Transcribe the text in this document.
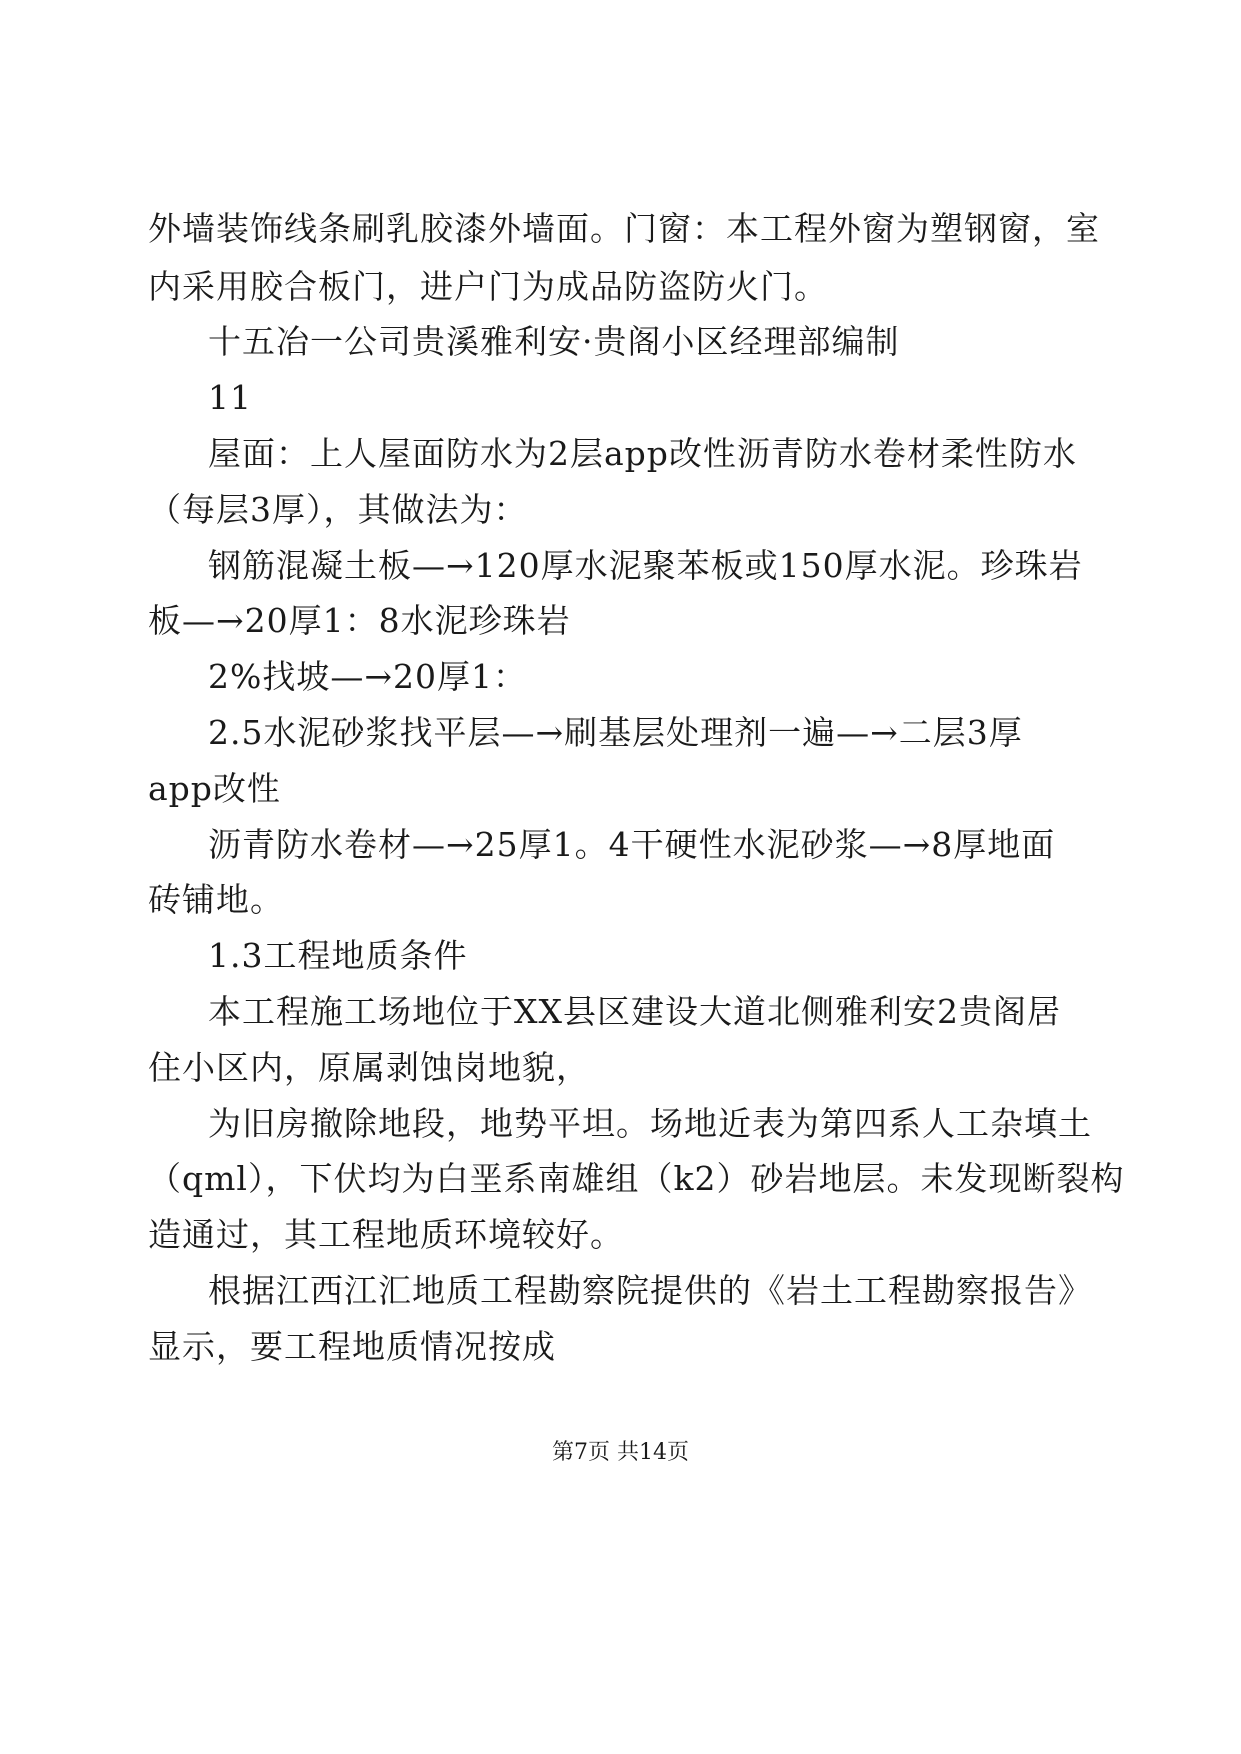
外墙装饰线条刷乳胶漆外墙面。门窗：本工程外窗为塑钢窗，室
内采用胶合板门，进户门为成品防盗防火门。
十五冶一公司贵溪雅利安·贵阁小区经理部编制
11
屋面：上人屋面防水为2层app改性沥青防水卷材柔性防水
（每层3厚），其做法为：
钢筋混凝土板—→120厚水泥聚苯板或150厚水泥。珍珠岩
板—→20厚1：8水泥珍珠岩
2%找坡—→20厚1：
2.5水泥砂浆找平层—→刷基层处理剂一遍—→二层3厚
app改性
沥青防水卷材—→25厚1。4干硬性水泥砂浆—→8厚地面
砖铺地。
1.3工程地质条件
本工程施工场地位于XX县区建设大道北侧雅利安2贵阁居
住小区内，原属剥蚀岗地貌，
为旧房撤除地段，地势平坦。场地近表为第四系人工杂填土
（qml），下伏均为白垩系南雄组（k2）砂岩地层。未发现断裂构
造通过，其工程地质环境较好。
根据江西江汇地质工程勘察院提供的《岩土工程勘察报告》
显示，要工程地质情况按成
第7页 共14页
